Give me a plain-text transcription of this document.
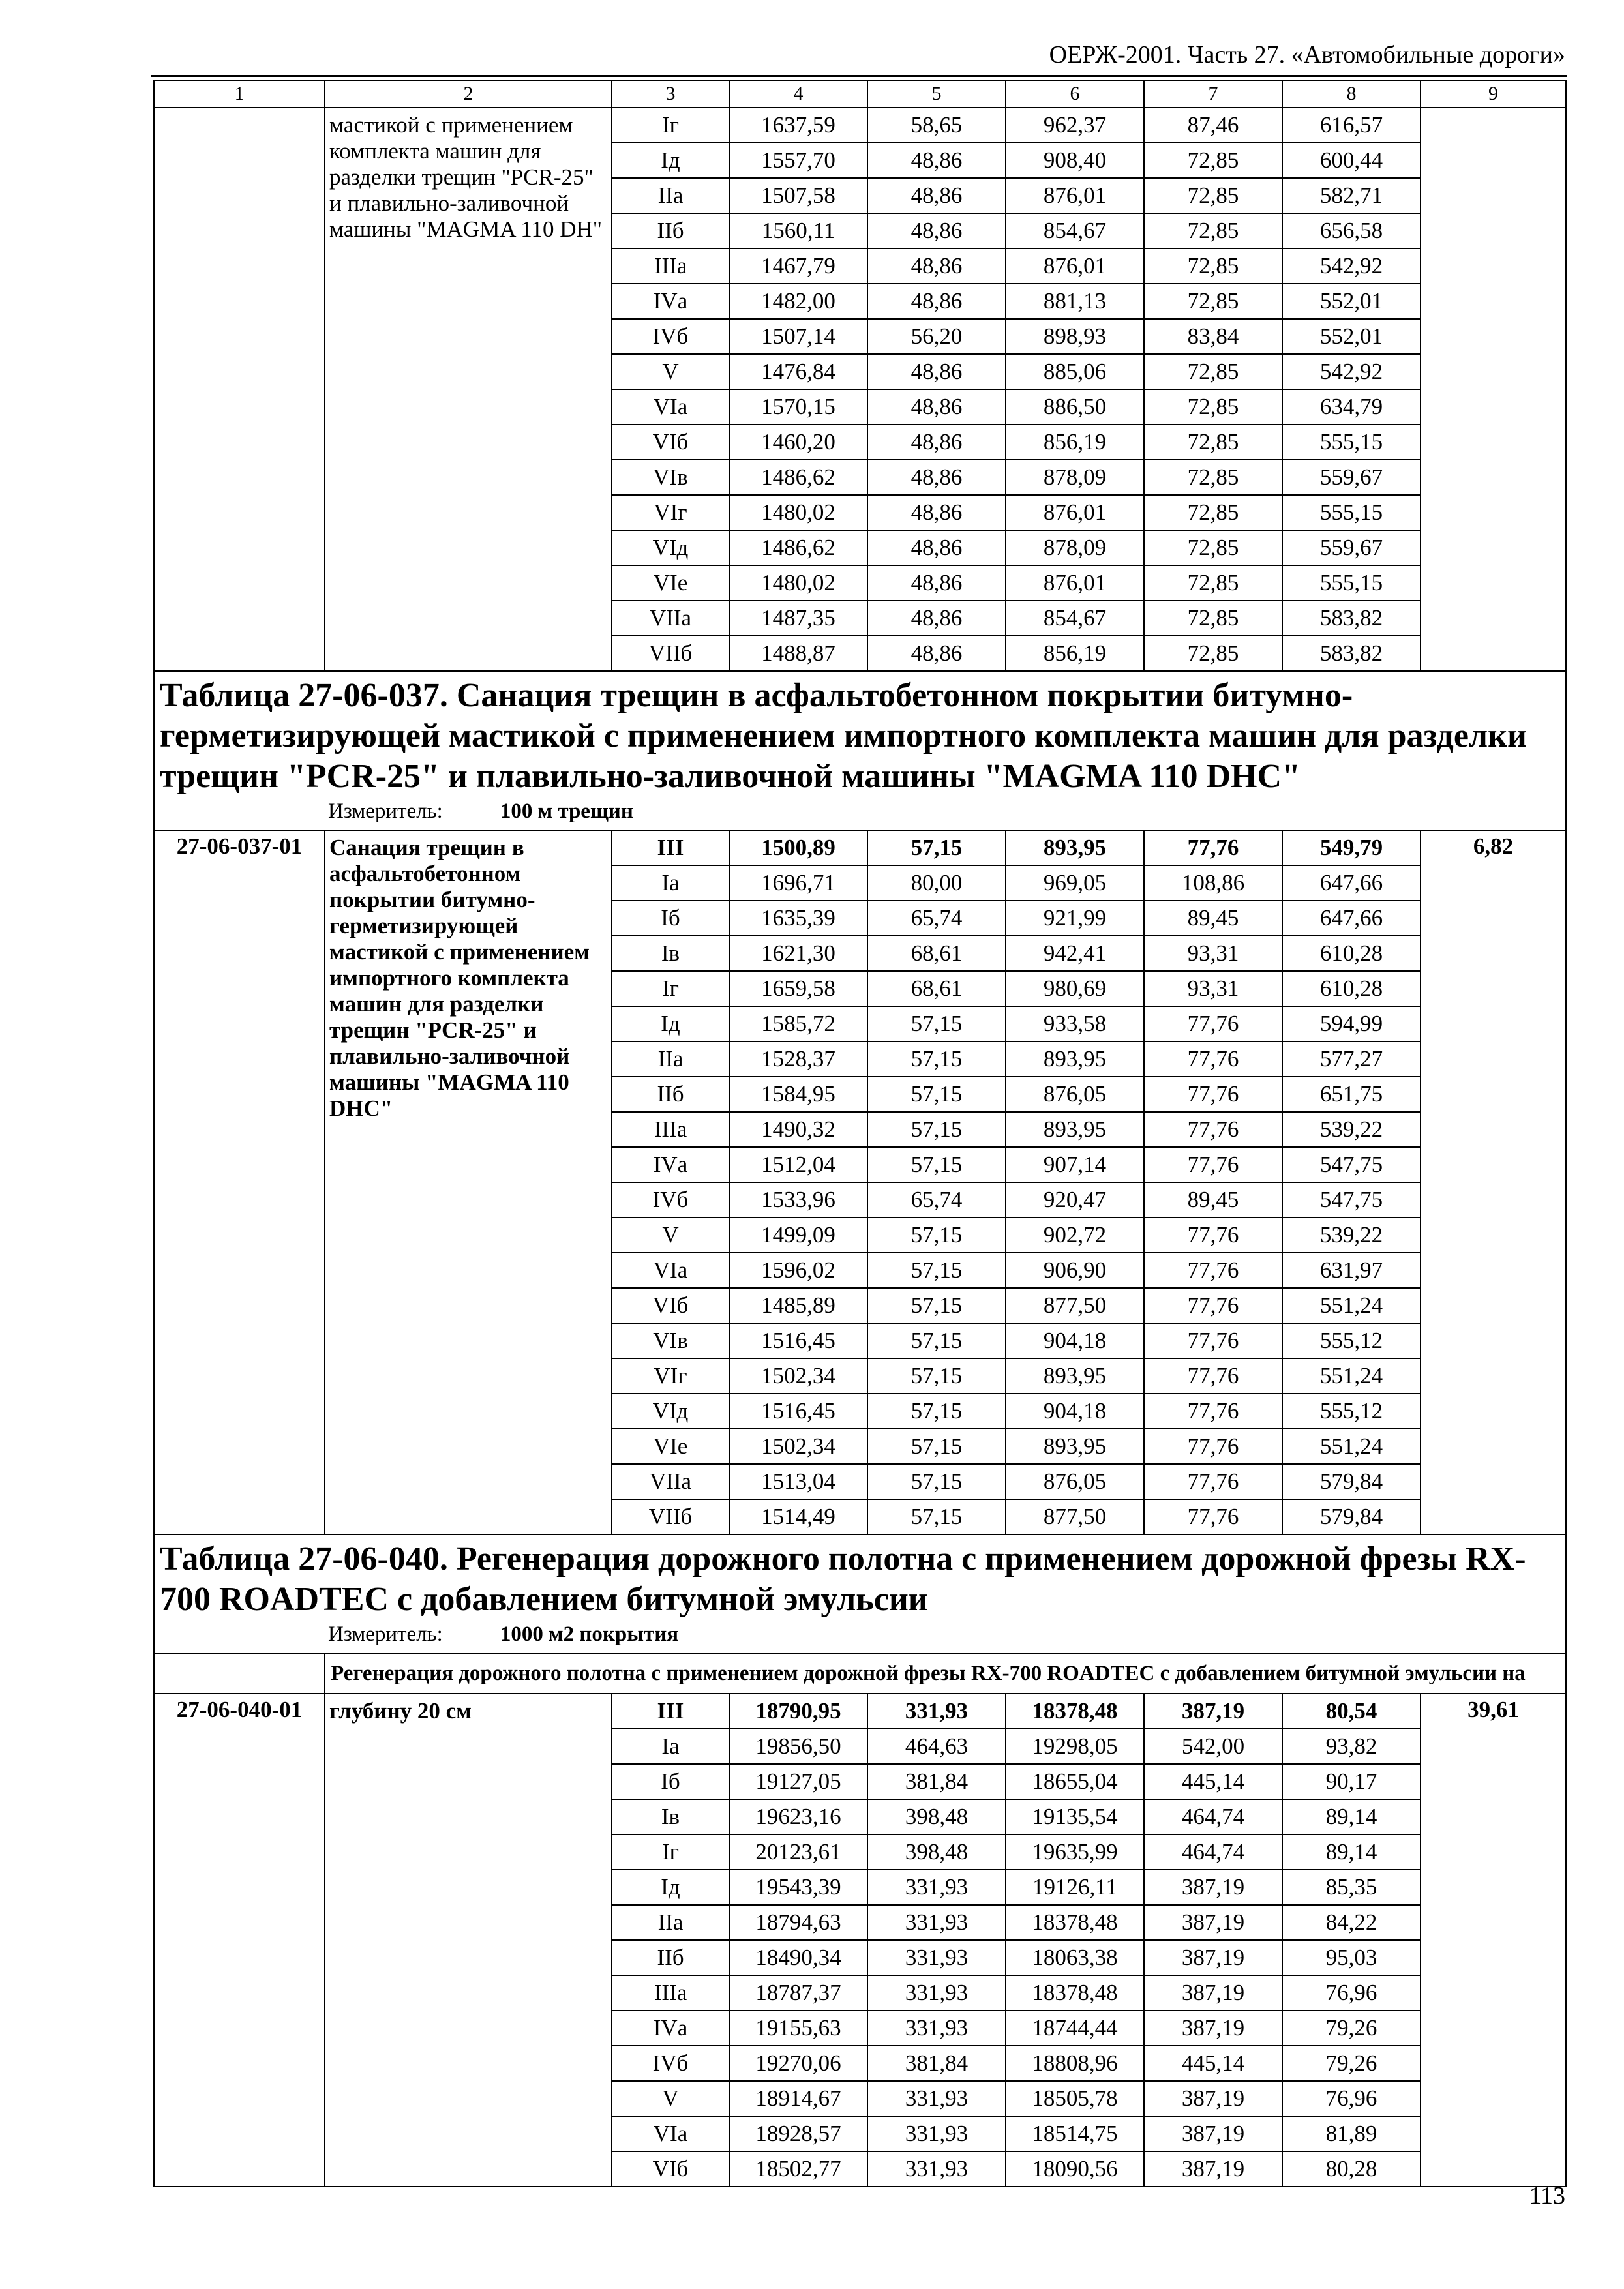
ОЕРЖ-2001. Часть 27. «Автомобильные дороги»
1	2	3	4	5	6	7	8	9
	мастикой с применением комплекта машин для разделки трещин "PCR-25" и плавильно-заливочной машины "MAGMA 110 DH"	Iг	1637,59	58,65	962,37	87,46	616,57	
		Iд	1557,70	48,86	908,40	72,85	600,44	
		IIа	1507,58	48,86	876,01	72,85	582,71	
		IIб	1560,11	48,86	854,67	72,85	656,58	
		IIIа	1467,79	48,86	876,01	72,85	542,92	
		IVа	1482,00	48,86	881,13	72,85	552,01	
		IVб	1507,14	56,20	898,93	83,84	552,01	
		V	1476,84	48,86	885,06	72,85	542,92	
		VIа	1570,15	48,86	886,50	72,85	634,79	
		VIб	1460,20	48,86	856,19	72,85	555,15	
		VIв	1486,62	48,86	878,09	72,85	559,67	
		VIг	1480,02	48,86	876,01	72,85	555,15	
		VIд	1486,62	48,86	878,09	72,85	559,67	
		VIе	1480,02	48,86	876,01	72,85	555,15	
		VIIа	1487,35	48,86	854,67	72,85	583,82	
		VIIб	1488,87	48,86	856,19	72,85	583,82	

Таблица 27-06-037. Санация трещин в асфальтобетонном покрытии битумно-герметизирующей мастикой с применением импортного комплекта машин для разделки трещин "PCR-25" и плавильно-заливочной машины "MAGMA 110 DHC"
Измеритель: 100 м трещин								

27-06-037-01	Санация трещин в асфальтобетонном покрытии битумно-герметизирующей мастикой с применением импортного комплекта машин для разделки трещин "PCR-25" и плавильно-заливочной машины "MAGMA 110 DHC"	III	1500,89	57,15	893,95	77,76	549,79	6,82
		Iа	1696,71	80,00	969,05	108,86	647,66	
		Iб	1635,39	65,74	921,99	89,45	647,66	
		Iв	1621,30	68,61	942,41	93,31	610,28	
		Iг	1659,58	68,61	980,69	93,31	610,28	
		Iд	1585,72	57,15	933,58	77,76	594,99	
		IIа	1528,37	57,15	893,95	77,76	577,27	
		IIб	1584,95	57,15	876,05	77,76	651,75	
		IIIа	1490,32	57,15	893,95	77,76	539,22	
		IVа	1512,04	57,15	907,14	77,76	547,75	
		IVб	1533,96	65,74	920,47	89,45	547,75	
		V	1499,09	57,15	902,72	77,76	539,22	
		VIа	1596,02	57,15	906,90	77,76	631,97	
		VIб	1485,89	57,15	877,50	77,76	551,24	
		VIв	1516,45	57,15	904,18	77,76	555,12	
		VIг	1502,34	57,15	893,95	77,76	551,24	
		VIд	1516,45	57,15	904,18	77,76	555,12	
		VIе	1502,34	57,15	893,95	77,76	551,24	
		VIIа	1513,04	57,15	876,05	77,76	579,84	
		VIIб	1514,49	57,15	877,50	77,76	579,84	

Таблица 27-06-040. Регенерация дорожного полотна с применением дорожной фрезы RX-700 ROADTEC с добавлением битумной эмульсии
Измеритель: 1000 м2 покрытия								

	Регенерация дорожного полотна с применением дорожной фрезы RX-700 ROADTEC с добавлением битумной эмульсии на							
27-06-040-01	глубину 20 см	III	18790,95	331,93	18378,48	387,19	80,54	39,61
		Iа	19856,50	464,63	19298,05	542,00	93,82	
		Iб	19127,05	381,84	18655,04	445,14	90,17	
		Iв	19623,16	398,48	19135,54	464,74	89,14	
		Iг	20123,61	398,48	19635,99	464,74	89,14	
		Iд	19543,39	331,93	19126,11	387,19	85,35	
		IIа	18794,63	331,93	18378,48	387,19	84,22	
		IIб	18490,34	331,93	18063,38	387,19	95,03	
		IIIа	18787,37	331,93	18378,48	387,19	76,96	
		IVа	19155,63	331,93	18744,44	387,19	79,26	
		IVб	19270,06	381,84	18808,96	445,14	79,26	
		V	18914,67	331,93	18505,78	387,19	76,96	
		VIа	18928,57	331,93	18514,75	387,19	81,89	
		VIб	18502,77	331,93	18090,56	387,19	80,28	
113
